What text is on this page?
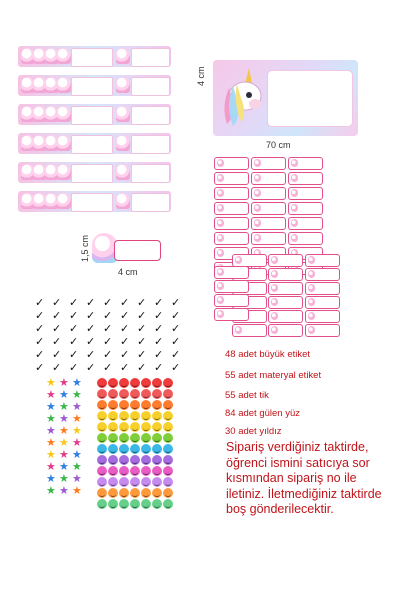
4 cm
70 cm
1,5 cm
4 cm
✓ ✓ ✓ ✓ ✓ ✓ ✓ ✓ ✓
✓ ✓ ✓ ✓ ✓ ✓ ✓ ✓ ✓
✓ ✓ ✓ ✓ ✓ ✓ ✓ ✓ ✓
✓ ✓ ✓ ✓ ✓ ✓ ✓ ✓ ✓
✓ ✓ ✓ ✓ ✓ ✓ ✓ ✓ ✓
✓ ✓ ✓ ✓ ✓ ✓ ✓ ✓ ✓
★ ★ ★
★ ★ ★
★ ★ ★
★ ★ ★
★ ★ ★
★ ★ ★
★ ★ ★
★ ★ ★
★ ★ ★
★ ★ ★
48 adet büyük etiket
55 adet materyal etiket
55 adet tik
84 adet gülen yüz
30 adet yıldız
Sipariş verdiğiniz taktirde, öğrenci ismini satıcıya sor kısmından sipariş no ile iletiniz. İletmediğiniz taktirde boş gönderilecektir.
